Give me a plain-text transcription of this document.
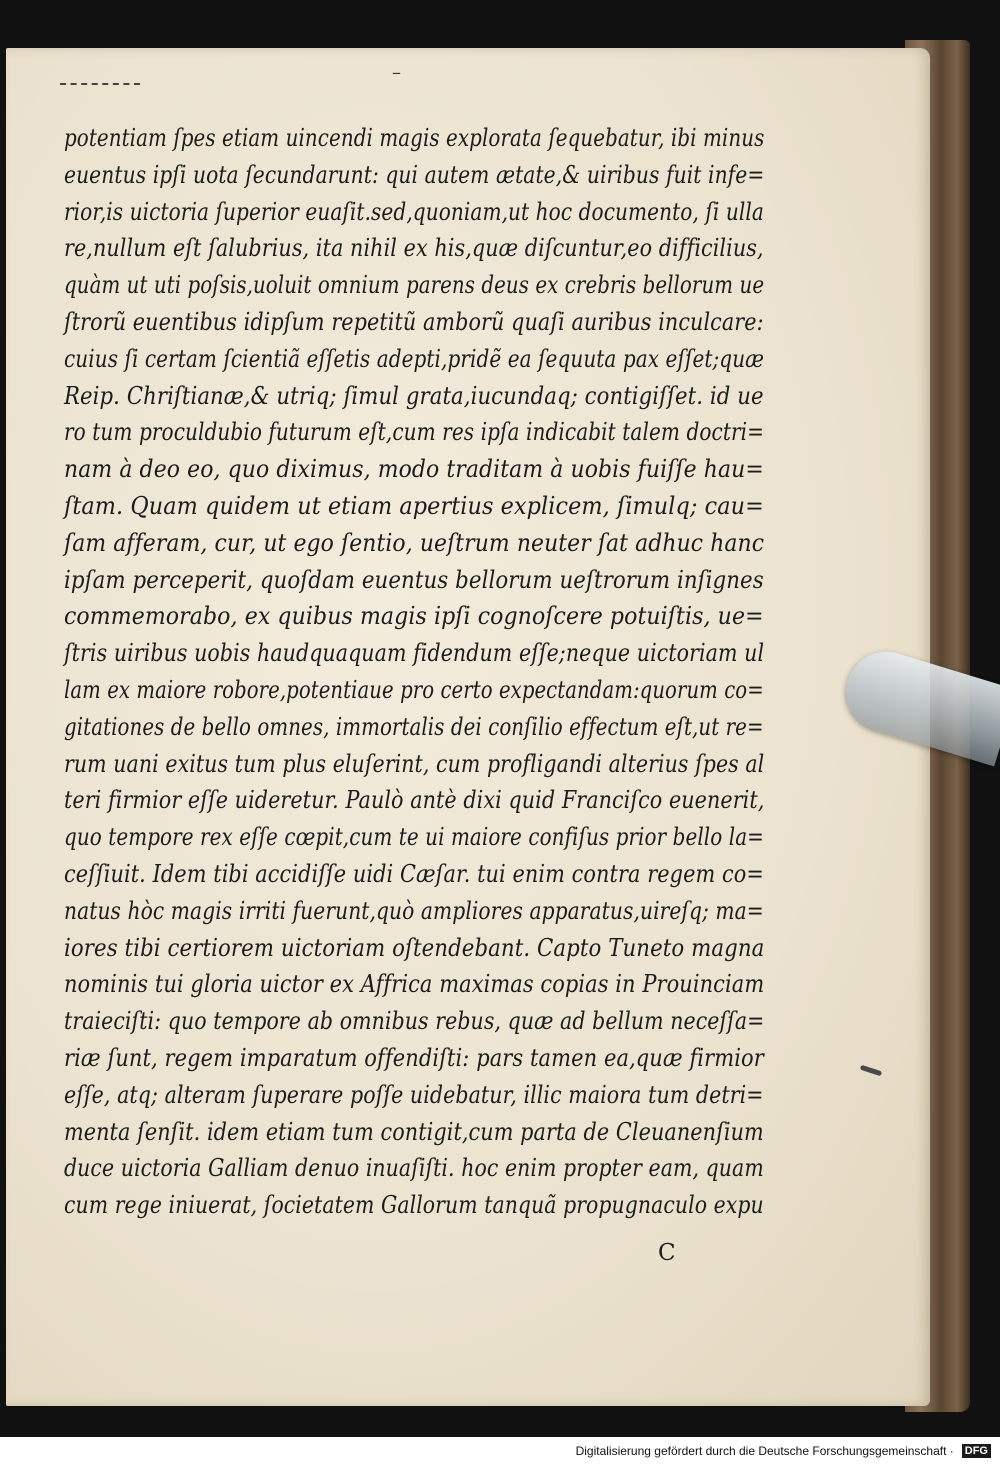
–
potentiam ſpes etiam uincendi magis explorata ſequebatur, ibi minus
euentus ipſi uota ſecundarunt: qui autem ætate,& uiribus fuit infe=
rior,is uictoria ſuperior euaſit.sed,quoniam,ut hoc documento, ſi ulla
re,nullum eſt ſalubrius, ita nihil ex his,quæ diſcuntur,eo difficilius,
quàm ut uti poſsis,uoluit omnium parens deus ex crebris bellorum ue
ſtrorũ euentibus idipſum repetitũ amborũ quaſi auribus inculcare:
cuius ſi certam ſcientiã eſſetis adepti,pridẽ ea ſequuta pax eſſet;quæ
Reip. Chriſtianæ,& utriq; ſimul grata,iucundaq; contigiſſet. id ue
ro tum proculdubio futurum eſt,cum res ipſa indicabit talem doctri=
nam à deo eo, quo diximus, modo traditam à uobis fuiſſe hau=
ſtam. Quam quidem ut etiam apertius explicem, ſimulq; cau=
ſam afferam, cur, ut ego ſentio, ueſtrum neuter ſat adhuc hanc
ipſam perceperit, quoſdam euentus bellorum ueſtrorum inſignes
commemorabo, ex quibus magis ipſi cognoſcere potuiſtis, ue=
ſtris uiribus uobis haudquaquam fidendum eſſe;neque uictoriam ul
lam ex maiore robore,potentiaue pro certo expectandam:quorum co=
gitationes de bello omnes, immortalis dei conſilio effectum eſt,ut re=
rum uani exitus tum plus eluſerint, cum profligandi alterius ſpes al
teri firmior eſſe uideretur. Paulò antè dixi quid Franciſco euenerit,
quo tempore rex eſſe cœpit,cum te ui maiore confiſus prior bello la=
ceſſiuit. Idem tibi accidiſſe uidi Cæſar. tui enim contra regem co=
natus hòc magis irriti fuerunt,quò ampliores apparatus,uireſq; ma=
iores tibi certiorem uictoriam oſtendebant. Capto Tuneto magna
nominis tui gloria uictor ex Affrica maximas copias in Prouinciam
traieciſti: quo tempore ab omnibus rebus, quæ ad bellum neceſſa=
riæ ſunt, regem imparatum offendiſti: pars tamen ea,quæ firmior
eſſe, atq; alteram ſuperare poſſe uidebatur, illic maiora tum detri=
menta ſenſit. idem etiam tum contigit,cum parta de Cleuanenſium
duce uictoria Galliam denuo inuaſiſti. hoc enim propter eam, quam
cum rege iniuerat, ſocietatem Gallorum tanquã propugnaculo expu
C
Digitalisierung gefördert durch die Deutsche Forschungsgemeinschaft ·	DFG
